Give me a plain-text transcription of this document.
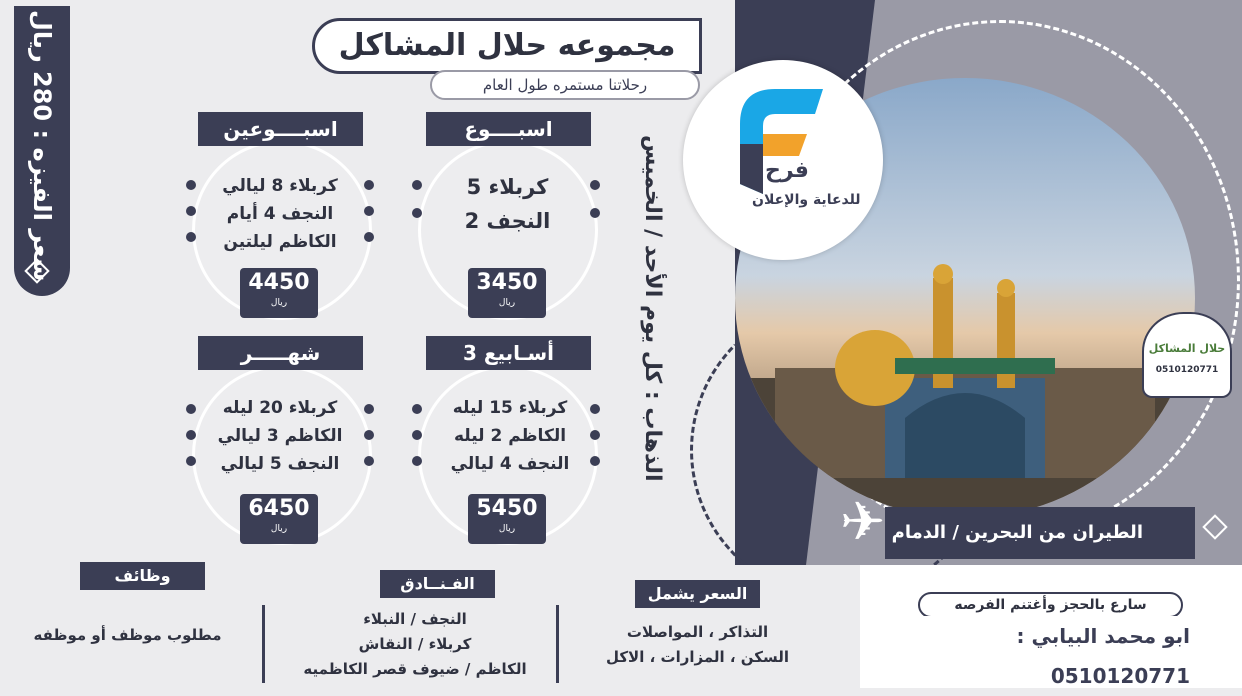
سعر الفيزه : 280 ريال
مجموعه حلال المشاكل
رحلاتنا مستمره طول العام
اسبــــوع
كربلاء 5
النجف 2
3450
ريال
اسبــــوعين
كربلاء 8 ليالي
النجف 4 أيام
الكاظم ليلتين
4450
ريال
3 أسـابيع
كربلاء 15 ليله
الكاظم 2 ليله
النجف 4 ليالي
5450
ريال
شهـــــر
كربلاء 20 ليله
الكاظم 3 ليالي
النجف 5 ليالي
6450
ريال
الذهاب : كل يوم الأحد / الخميس	فرح
للدعاية والإعلان
حلال المشاكل
0510120771
الطيران من البحرين / الدمام
✈
السعر يشمل
التذاكر ، المواصلات
السكن ، المزارات ، الاكل
الفـنــادق
النجف / النبلاء
كربلاء / النقاش
الكاظم / ضيوف قصر الكاظميه
وظائف
مطلوب موظف أو موظفه
سارع بالحجز وأغتنم الفرصه
ابو محمد البيابي : 0510120771
